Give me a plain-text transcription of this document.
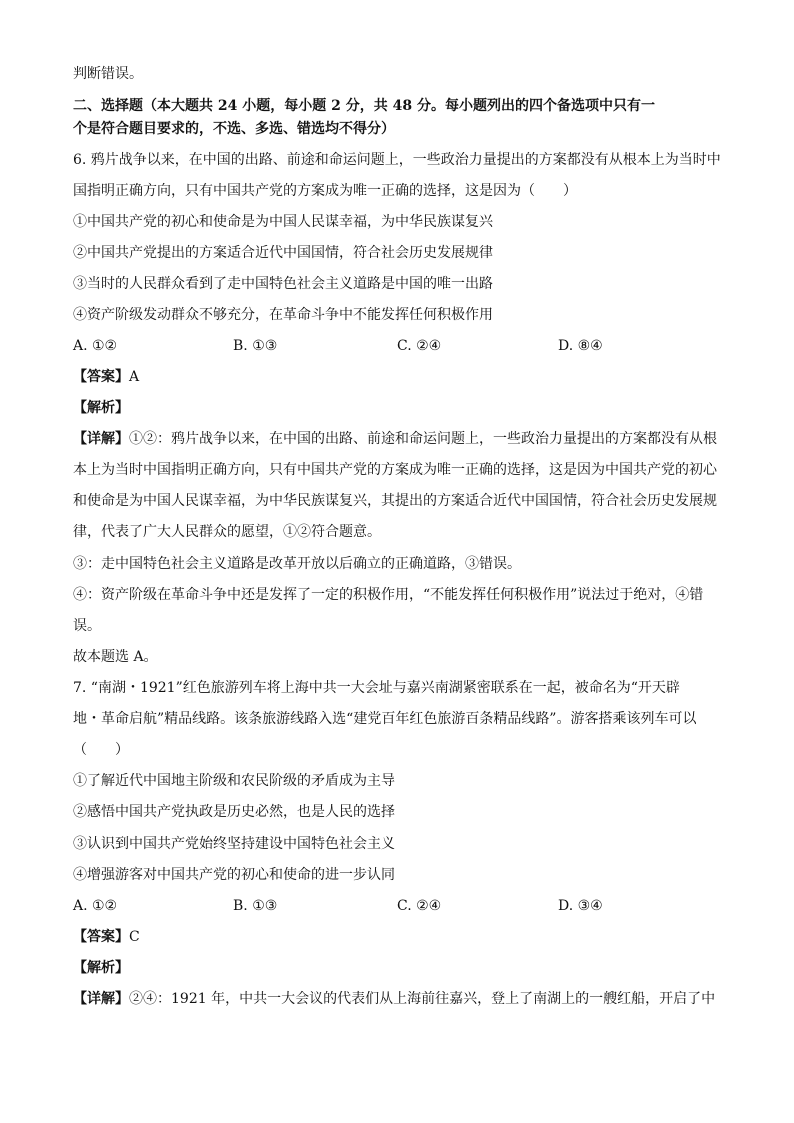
判断错误。
二、选择题（本大题共 24 小题，每小题 2 分，共 48 分。每小题列出的四个备选项中只有一
个是符合题目要求的，不选、多选、错选均不得分）
6. 鸦片战争以来，在中国的出路、前途和命运问题上，一些政治力量提出的方案都没有从根本上为当时中
国指明正确方向，只有中国共产党的方案成为唯一正确的选择，这是因为（　　）
①中国共产党的初心和使命是为中国人民谋幸福，为中华民族谋复兴
②中国共产党提出的方案适合近代中国国情，符合社会历史发展规律
③当时的人民群众看到了走中国特色社会主义道路是中国的唯一出路
④资产阶级发动群众不够充分，在革命斗争中不能发挥任何积极作用
A. ①②	B. ①③	C. ②④	D. ⑧④
【答案】A
【解析】
【详解】①②：鸦片战争以来，在中国的出路、前途和命运问题上，一些政治力量提出的方案都没有从根
本上为当时中国指明正确方向，只有中国共产党的方案成为唯一正确的选择，这是因为中国共产党的初心
和使命是为中国人民谋幸福，为中华民族谋复兴，其提出的方案适合近代中国国情，符合社会历史发展规
律，代表了广大人民群众的愿望，①②符合题意。
③：走中国特色社会主义道路是改革开放以后确立的正确道路，③错误。
④：资产阶级在革命斗争中还是发挥了一定的积极作用，“不能发挥任何积极作用”说法过于绝对，④错
误。
故本题选 A。
7. “南湖・1921”红色旅游列车将上海中共一大会址与嘉兴南湖紧密联系在一起，被命名为“开天辟
地・革命启航”精品线路。该条旅游线路入选“建党百年红色旅游百条精品线路”。游客搭乘该列车可以
（　　）
①了解近代中国地主阶级和农民阶级的矛盾成为主导
②感悟中国共产党执政是历史必然，也是人民的选择
③认识到中国共产党始终坚持建设中国特色社会主义
④增强游客对中国共产党的初心和使命的进一步认同
A. ①②	B. ①③	C. ②④	D. ③④
【答案】C
【解析】
【详解】②④：1921 年，中共一大会议的代表们从上海前往嘉兴，登上了南湖上的一艘红船，开启了中
